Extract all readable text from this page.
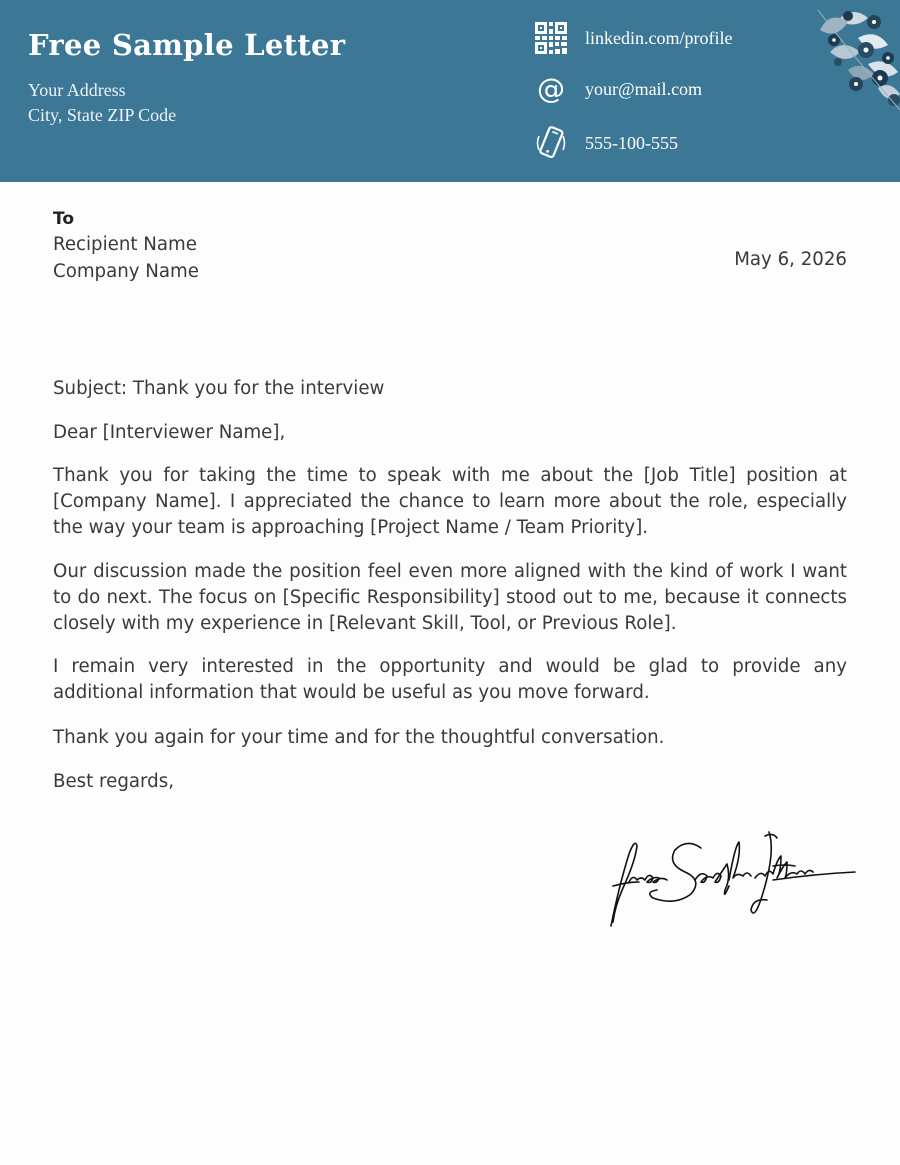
Free Sample Letter
Your Address
City, State ZIP Code
linkedin.com/profile
@ your@mail.com
555-100-555
To
Recipient Name
Company Name
May 6, 2026
Subject: Thank you for the interview
Dear [Interviewer Name],

Thank you for taking the time to speak with me about the [Job Title] position at [Company Name]. I appreciated the chance to learn more about the role, especially the way your team is approaching [Project Name / Team Priority].

Our discussion made the position feel even more aligned with the kind of work I want to do next. The focus on [Specific Responsibility] stood out to me, because it connects closely with my experience in [Relevant Skill, Tool, or Previous Role].

I remain very interested in the opportunity and would be glad to provide any additional information that would be useful as you move forward.

Thank you again for your time and for the thoughtful conversation.

Best regards,
